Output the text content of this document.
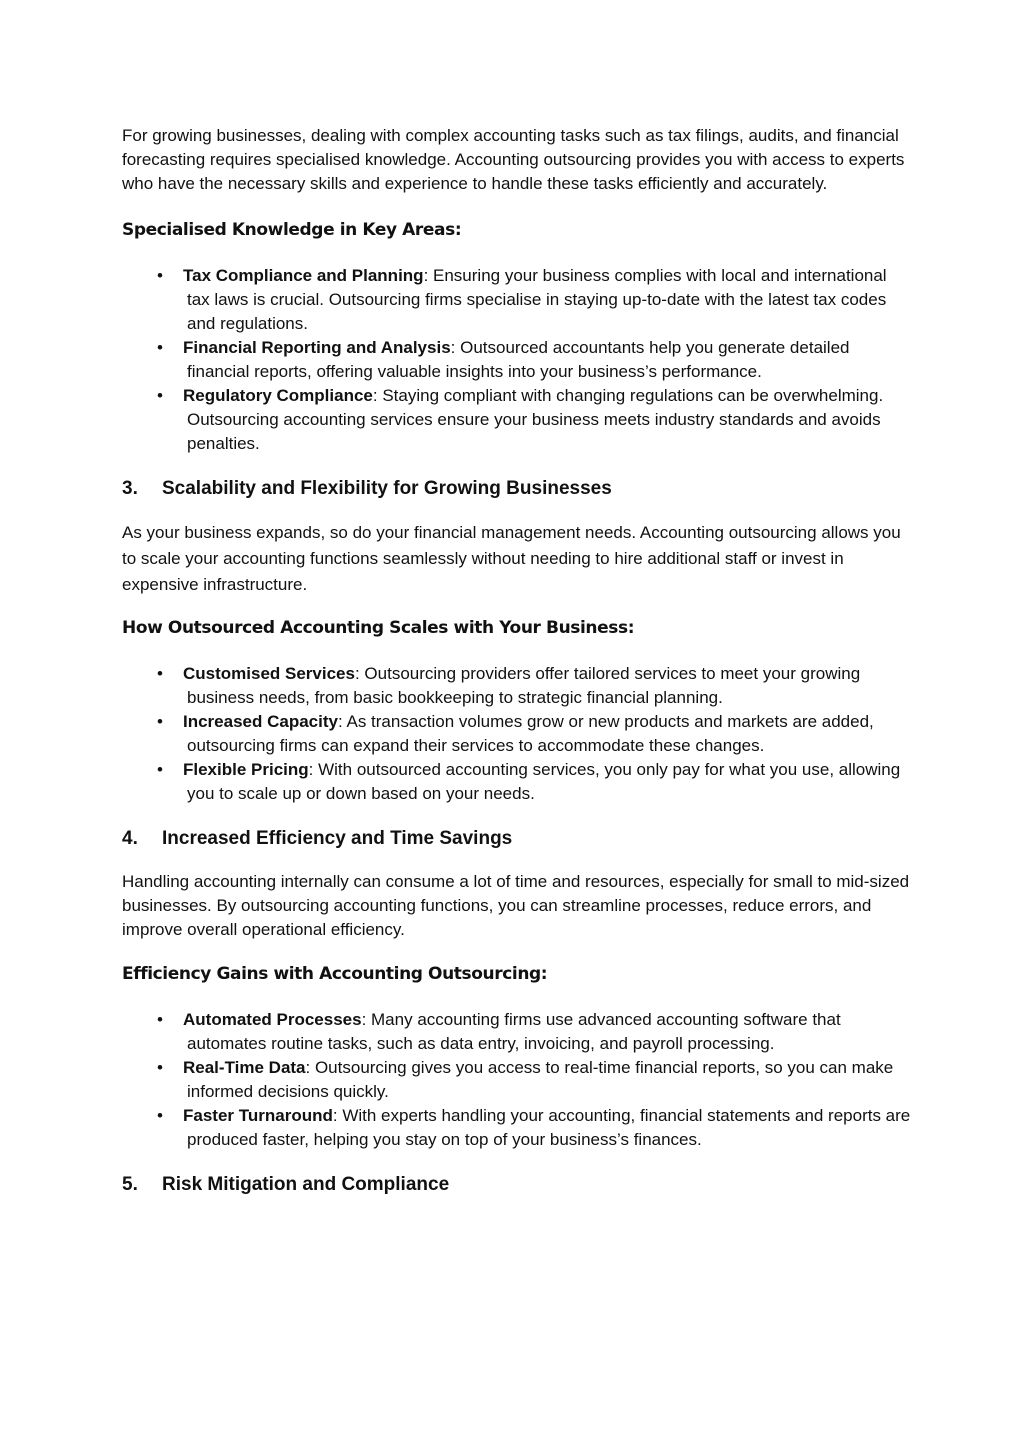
For growing businesses, dealing with complex accounting tasks such as tax filings, audits, and financial forecasting requires specialised knowledge. Accounting outsourcing provides you with access to experts who have the necessary skills and experience to handle these tasks efficiently and accurately.

Specialised Knowledge in Key Areas:
• Tax Compliance and Planning: Ensuring your business complies with local and international tax laws is crucial. Outsourcing firms specialise in staying up-to-date with the latest tax codes and regulations.
• Financial Reporting and Analysis: Outsourced accountants help you generate detailed financial reports, offering valuable insights into your business’s performance.
• Regulatory Compliance: Staying compliant with changing regulations can be overwhelming. Outsourcing accounting services ensure your business meets industry standards and avoids penalties.
3.	Scalability and Flexibility for Growing Businesses

As your business expands, so do your financial management needs. Accounting outsourcing allows you to scale your accounting functions seamlessly without needing to hire additional staff or invest in expensive infrastructure.

How Outsourced Accounting Scales with Your Business:
• Customised Services: Outsourcing providers offer tailored services to meet your growing business needs, from basic bookkeeping to strategic financial planning.
• Increased Capacity: As transaction volumes grow or new products and markets are added, outsourcing firms can expand their services to accommodate these changes.
• Flexible Pricing: With outsourced accounting services, you only pay for what you use, allowing you to scale up or down based on your needs.
4.	Increased Efficiency and Time Savings

Handling accounting internally can consume a lot of time and resources, especially for small to mid-sized businesses. By outsourcing accounting functions, you can streamline processes, reduce errors, and improve overall operational efficiency.

Efficiency Gains with Accounting Outsourcing:
• Automated Processes: Many accounting firms use advanced accounting software that automates routine tasks, such as data entry, invoicing, and payroll processing.
• Real-Time Data: Outsourcing gives you access to real-time financial reports, so you can make informed decisions quickly.
• Faster Turnaround: With experts handling your accounting, financial statements and reports are produced faster, helping you stay on top of your business’s finances.
5.	Risk Mitigation and Compliance
